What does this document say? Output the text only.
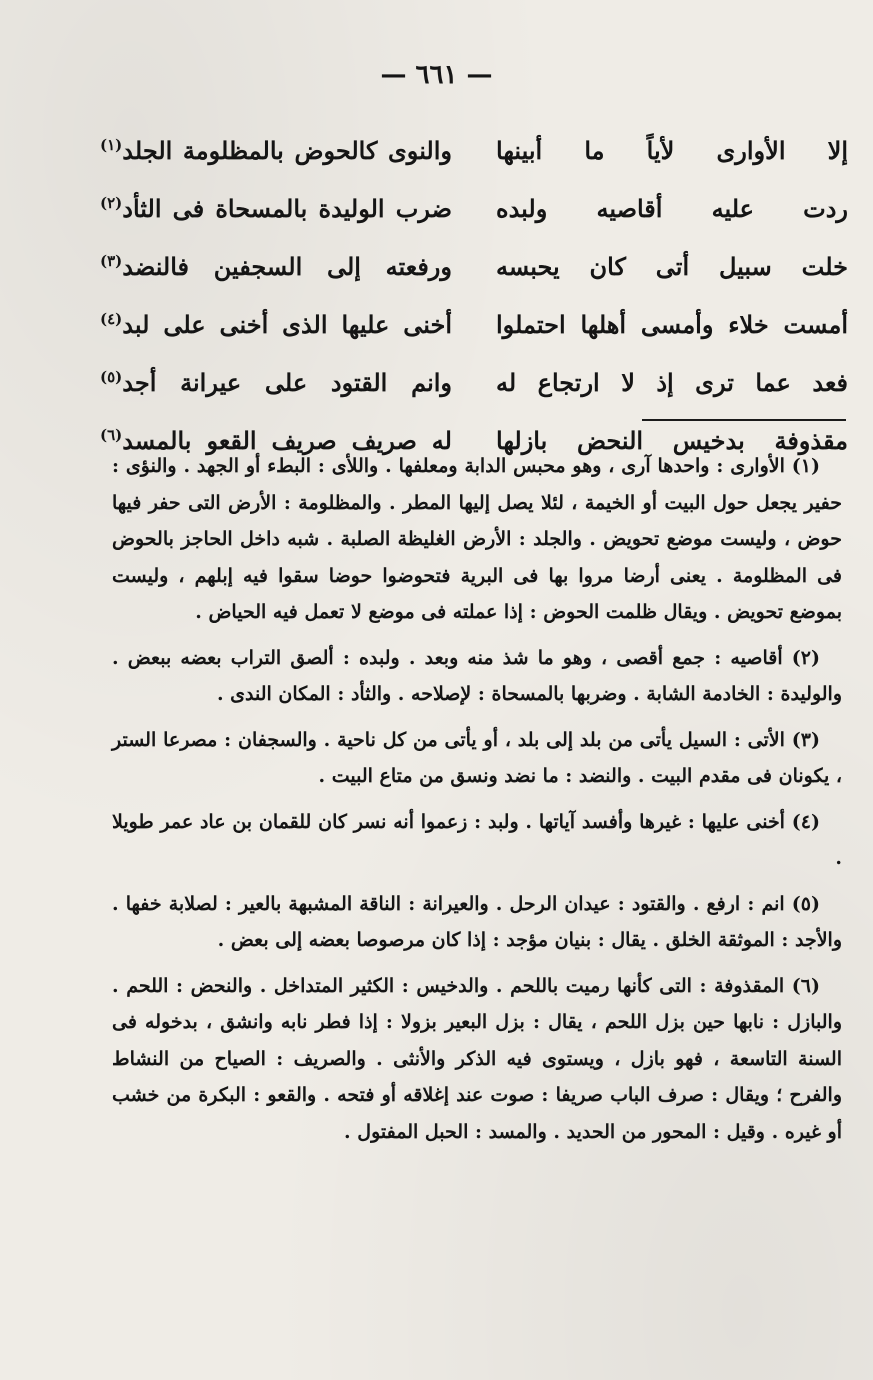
— ٦٦١ —
إلا الأوارى لأياً ما أبينها
والنوى كالحوض بالمظلومة الجلد$^{(١)}$
ردت عليه أقاصيه ولبده
ضرب الوليدة بالمسحاة فى الثأد$^{(٢)}$
خلت سبيل أتى كان يحبسه
ورفعته إلى السجفين فالنضد$^{(٣)}$
أمست خلاء وأمسى أهلها احتملوا
أخنى عليها الذى أخنى على لبد$^{(٤)}$
فعد عما ترى إذ لا ارتجاع له
وانم القتود على عيرانة أجد$^{(٥)}$
مقذوفة بدخيس النحض بازلها
له صريف صريف القعو بالمسد$^{(٦)}$

(١) الأوارى : واحدها آرى ، وهو محبس الدابة ومعلفها . واللأى : البطء أو الجهد . والنؤى : حفير يجعل حول البيت أو الخيمة ، لئلا يصل إليها المطر . والمظلومة : الأرض التى حفر فيها حوض ، وليست موضع تحويض . والجلد : الأرض الغليظة الصلبة . شبه داخل الحاجز بالحوض فى المظلومة . يعنى أرضا مروا بها فى البرية فتحوضوا حوضا سقوا فيه إبلهم ، وليست بموضع تحويض . ويقال ظلمت الحوض : إذا عملته فى موضع لا تعمل فيه الحياض .

(٢) أقاصيه : جمع أقصى ، وهو ما شذ منه وبعد . ولبده : ألصق التراب بعضه ببعض . والوليدة : الخادمة الشابة . وضربها بالمسحاة : لإصلاحه . والثأد : المكان الندى .

(٣) الأتى : السيل يأتى من بلد إلى بلد ، أو يأتى من كل ناحية . والسجفان : مصرعا الستر ، يكونان فى مقدم البيت . والنضد : ما نضد ونسق من متاع البيت .

(٤) أخنى عليها : غيرها وأفسد آياتها . ولبد : زعموا أنه نسر كان للقمان بن عاد عمر طويلا .

(٥) انم : ارفع . والقتود : عيدان الرحل . والعيرانة : الناقة المشبهة بالعير : لصلابة خفها . والأجد : الموثقة الخلق . يقال : بنيان مؤجد : إذا كان مرصوصا بعضه إلى بعض .

(٦) المقذوفة : التى كأنها رميت باللحم . والدخيس : الكثير المتداخل . والنحض : اللحم . والبازل : نابها حين بزل اللحم ، يقال : بزل البعير بزولا : إذا فطر نابه وانشق ، بدخوله فى السنة التاسعة ، فهو بازل ، ويستوى فيه الذكر والأنثى . والصريف : الصياح من النشاط والفرح ؛ ويقال : صرف الباب صريفا : صوت عند إغلاقه أو فتحه . والقعو : البكرة من خشب أو غيره . وقيل : المحور من الحديد . والمسد : الحبل المفتول .
